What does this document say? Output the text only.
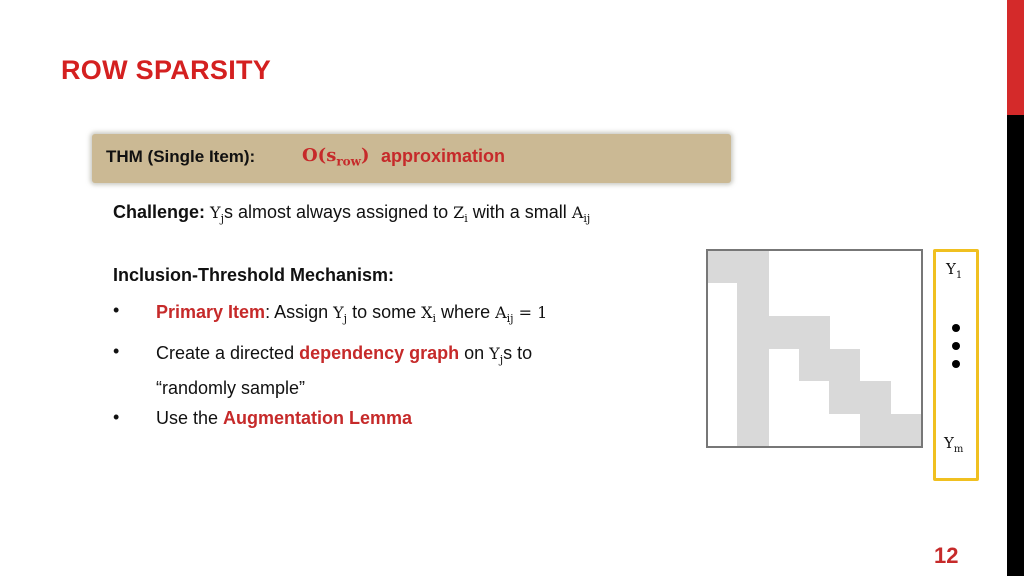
ROW SPARSITY
THM (Single Item):	$O(s_{row})$ approximation
Challenge: $Y_js$ almost always assigned to $Z_i$ with a small $A_{ij}$
Inclusion-Threshold Mechanism:
• Primary Item: Assign $Y_j$ to some $X_i$ where $A_{ij} = 1$
• Create a directed dependency graph on $Y_js$ to
“randomly sample”
• Use the Augmentation Lemma
$Y_1$
$Y_m$
12
